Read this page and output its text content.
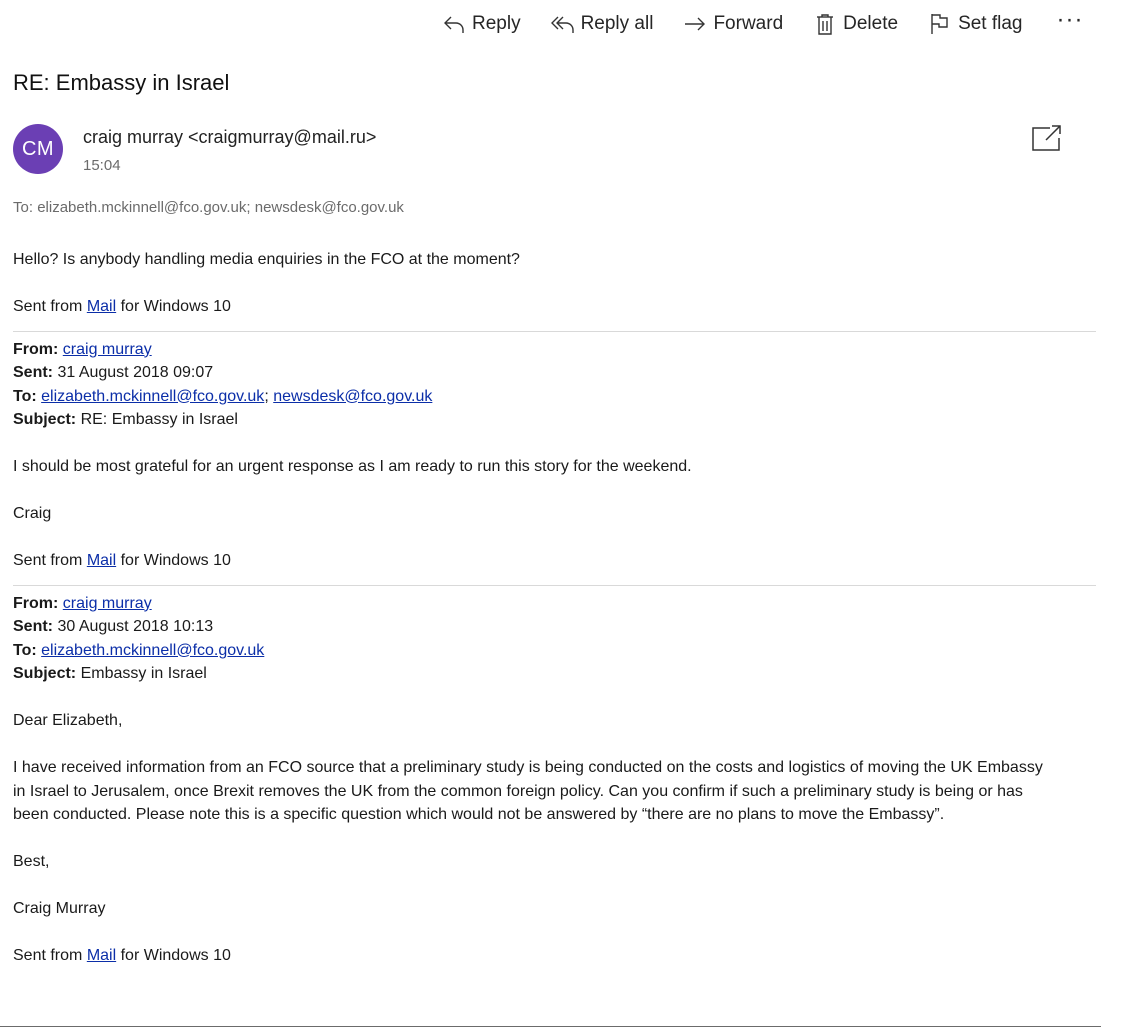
Reply	Reply all	Forward	Delete	Set flag ···
RE: Embassy in Israel
CM
craig murray <craigmurray@mail.ru>
15:04
To: elizabeth.mckinnell@fco.gov.uk; newsdesk@fco.gov.uk

Hello? Is anybody handling media enquiries in the FCO at the moment?

Sent from Mail for Windows 10

From: craig murray

Sent: 31 August 2018 09:07

To: elizabeth.mckinnell@fco.gov.uk; newsdesk@fco.gov.uk

Subject: RE: Embassy in Israel

I should be most grateful for an urgent response as I am ready to run this story for the weekend.

Craig

Sent from Mail for Windows 10

From: craig murray

Sent: 30 August 2018 10:13

To: elizabeth.mckinnell@fco.gov.uk

Subject: Embassy in Israel

Dear Elizabeth,

I have received information from an FCO source that a preliminary study is being conducted on the costs and logistics of moving the UK Embassy

in Israel to Jerusalem, once Brexit removes the UK from the common foreign policy. Can you confirm if such a preliminary study is being or has

been conducted. Please note this is a specific question which would not be answered by “there are no plans to move the Embassy”.

Best,

Craig Murray

Sent from Mail for Windows 10
